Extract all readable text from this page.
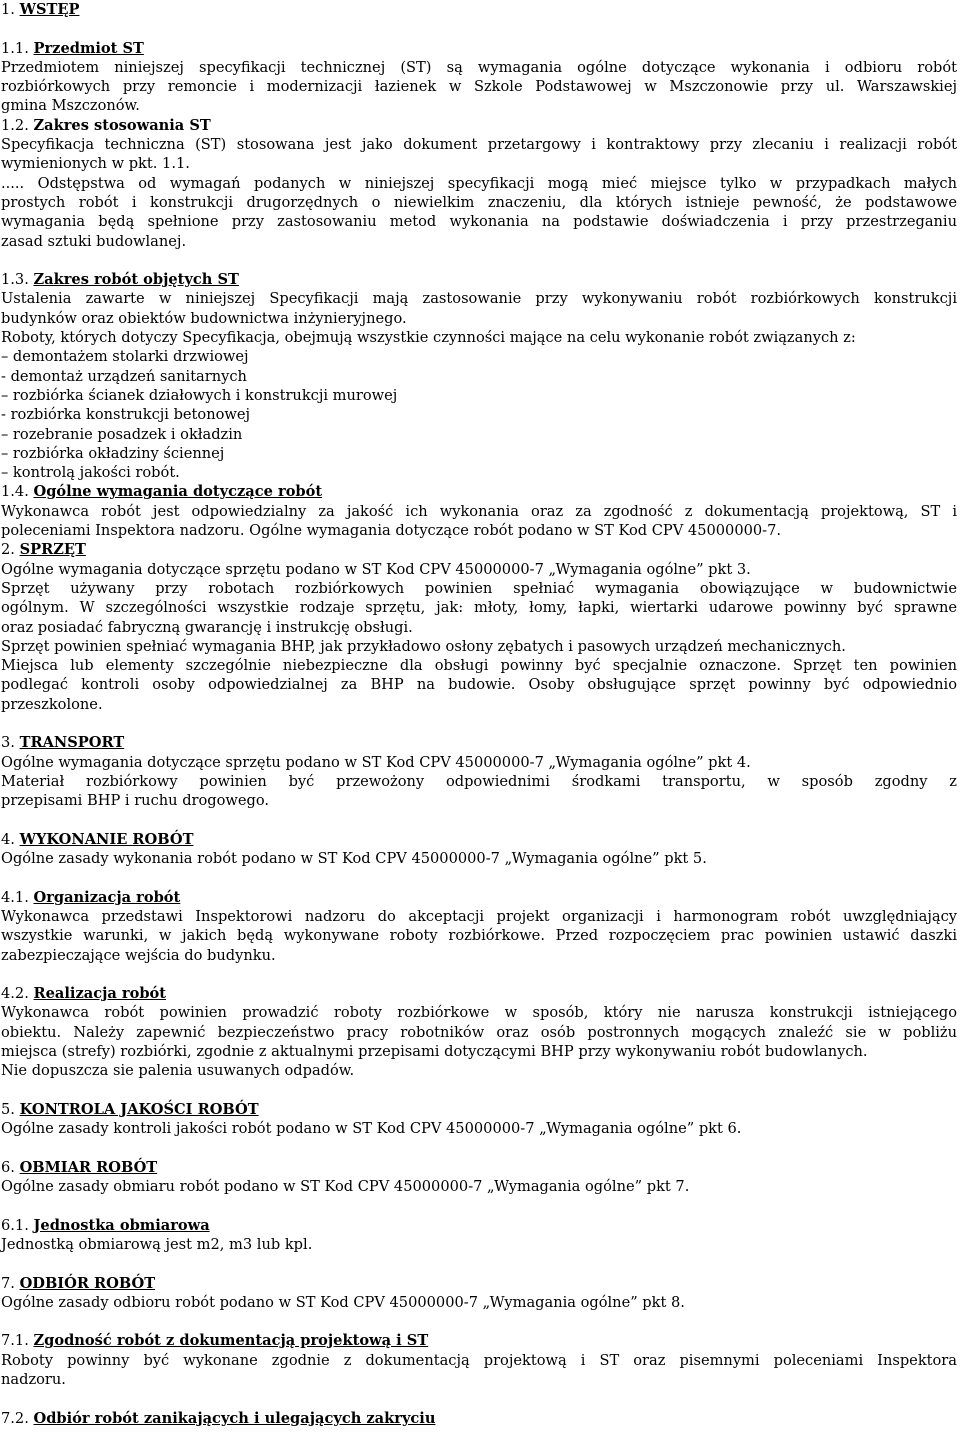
1. WSTĘP
1.1. Przedmiot ST
Przedmiotem niniejszej specyfikacji technicznej (ST) są wymagania ogólne dotyczące wykonania i odbioru robót
rozbiórkowych przy remoncie i modernizacji łazienek w Szkole Podstawowej w Mszczonowie przy ul. Warszawskiej
gmina Mszczonów.
1.2. Zakres stosowania ST
Specyfikacja techniczna (ST) stosowana jest jako dokument przetargowy i kontraktowy przy zlecaniu i realizacji robót
wymienionych w pkt. 1.1.
..... Odstępstwa od wymagań podanych w niniejszej specyfikacji mogą mieć miejsce tylko w przypadkach małych
prostych robót i konstrukcji drugorzędnych o niewielkim znaczeniu, dla których istnieje pewność, że podstawowe
wymagania będą spełnione przy zastosowaniu metod wykonania na podstawie doświadczenia i przy przestrzeganiu
zasad sztuki budowlanej.
1.3. Zakres robót objętych ST
Ustalenia zawarte w niniejszej Specyfikacji mają zastosowanie przy wykonywaniu robót rozbiórkowych konstrukcji
budynków oraz obiektów budownictwa inżynieryjnego.
Roboty, których dotyczy Specyfikacja, obejmują wszystkie czynności mające na celu wykonanie robót związanych z:
– demontażem stolarki drzwiowej
- demontaż urządzeń sanitarnych
– rozbiórka ścianek działowych i konstrukcji murowej
- rozbiórka konstrukcji betonowej
– rozebranie posadzek i okładzin
– rozbiórka okładziny ściennej
– kontrolą jakości robót.
1.4. Ogólne wymagania dotyczące robót
Wykonawca robót jest odpowiedzialny za jakość ich wykonania oraz za zgodność z dokumentacją projektową, ST i
poleceniami Inspektora nadzoru. Ogólne wymagania dotyczące robót podano w ST Kod CPV 45000000-7.
2. SPRZĘT
Ogólne wymagania dotyczące sprzętu podano w ST Kod CPV 45000000-7 „Wymagania ogólne” pkt 3.
Sprzęt używany przy robotach rozbiórkowych powinien spełniać wymagania obowiązujące w budownictwie
ogólnym. W szczególności wszystkie rodzaje sprzętu, jak: młoty, łomy, łapki, wiertarki udarowe powinny być sprawne
oraz posiadać fabryczną gwarancję i instrukcję obsługi.
Sprzęt powinien spełniać wymagania BHP, jak przykładowo osłony zębatych i pasowych urządzeń mechanicznych.
Miejsca lub elementy szczególnie niebezpieczne dla obsługi powinny być specjalnie oznaczone. Sprzęt ten powinien
podlegać kontroli osoby odpowiedzialnej za BHP na budowie. Osoby obsługujące sprzęt powinny być odpowiednio
przeszkolone.
3. TRANSPORT
Ogólne wymagania dotyczące sprzętu podano w ST Kod CPV 45000000-7 „Wymagania ogólne” pkt 4.
Materiał rozbiórkowy powinien być przewożony odpowiednimi środkami transportu, w sposób zgodny z
przepisami BHP i ruchu drogowego.
4. WYKONANIE ROBÓT
Ogólne zasady wykonania robót podano w ST Kod CPV 45000000-7 „Wymagania ogólne” pkt 5.
4.1. Organizacja robót
Wykonawca przedstawi Inspektorowi nadzoru do akceptacji projekt organizacji i harmonogram robót uwzględniający
wszystkie warunki, w jakich będą wykonywane roboty rozbiórkowe. Przed rozpoczęciem prac powinien ustawić daszki
zabezpieczające wejścia do budynku.
4.2. Realizacja robót
Wykonawca robót powinien prowadzić roboty rozbiórkowe w sposób, który nie narusza konstrukcji istniejącego
obiektu. Należy zapewnić bezpieczeństwo pracy robotników oraz osób postronnych mogących znaleźć sie w pobliżu
miejsca (strefy) rozbiórki, zgodnie z aktualnymi przepisami dotyczącymi BHP przy wykonywaniu robót budowlanych.
Nie dopuszcza sie palenia usuwanych odpadów.
5. KONTROLA JAKOŚCI ROBÓT
Ogólne zasady kontroli jakości robót podano w ST Kod CPV 45000000-7 „Wymagania ogólne” pkt 6.
6. OBMIAR ROBÓT
Ogólne zasady obmiaru robót podano w ST Kod CPV 45000000-7 „Wymagania ogólne” pkt 7.
6.1. Jednostka obmiarowa
Jednostką obmiarową jest m2, m3 lub kpl.
7. ODBIÓR ROBÓT
Ogólne zasady odbioru robót podano w ST Kod CPV 45000000-7 „Wymagania ogólne” pkt 8.
7.1. Zgodność robót z dokumentacją projektową i ST
Roboty powinny być wykonane zgodnie z dokumentacją projektową i ST oraz pisemnymi poleceniami Inspektora
nadzoru.
7.2. Odbiór robót zanikających i ulegających zakryciu
